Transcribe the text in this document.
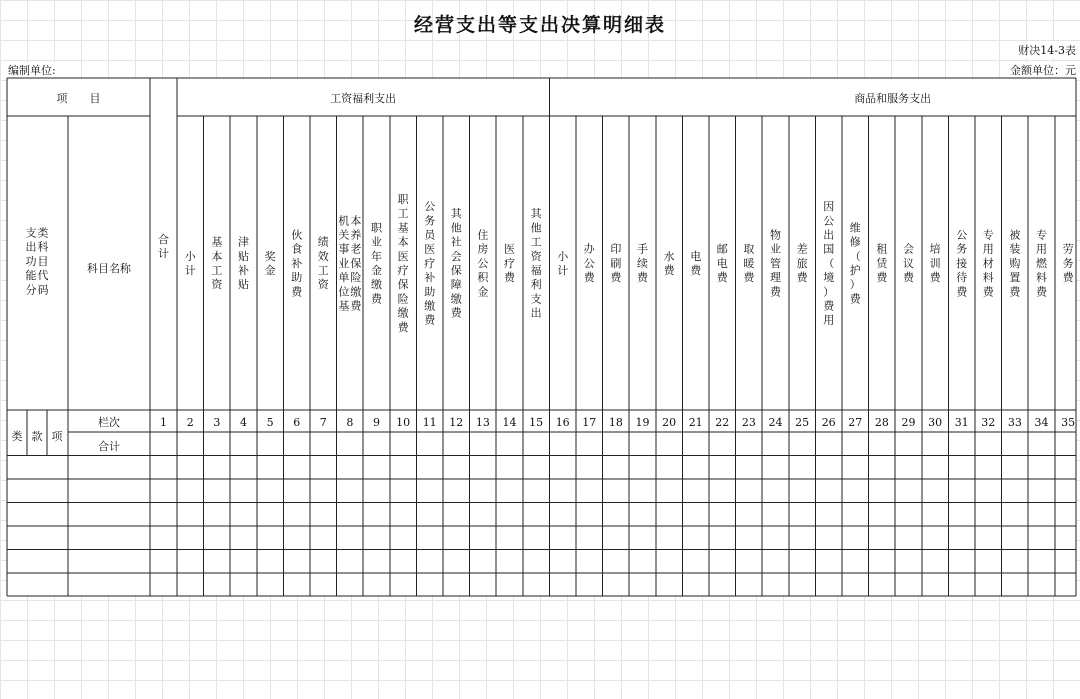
经营支出等支出决算明细表
财决14-3表
编制单位:	金额单位：元
项　　目
支
出
功
能
分
类
科
目
代
码
科目名称
合
计
工资福利支出	商品和服务支出
小
计
基
本
工
资
津
贴
补
贴
奖
金
伙
食
补
助
费
绩
效
工
资
机
关
事
业
单
位
基
本
养
老
保
险
缴
费
职
业
年
金
缴
费
职
工
基
本
医
疗
保
险
缴
费
公
务
员
医
疗
补
助
缴
费
其
他
社
会
保
障
缴
费
住
房
公
积
金
医
疗
费
其
他
工
资
福
利
支
出
小
计
办
公
费
印
刷
费
手
续
费
水
费
电
费
邮
电
费
取
暖
费
物
业
管
理
费
差
旅
费
因
公
出
国
（
境
）
费
用
维
修
（
护
）
费
租
赁
费
会
议
费
培
训
费
公
务
接
待
费
专
用
材
料
费
被
装
购
置
费
专
用
燃
料
费
劳
务
费
类 款 项
栏次
合计
1 2 3 4 5 6 7 8 9 10 11 12 13 14 15 16 17 18 19 20 21 22 23 24 25 26 27 28 29 30 31 32 33 34 35
